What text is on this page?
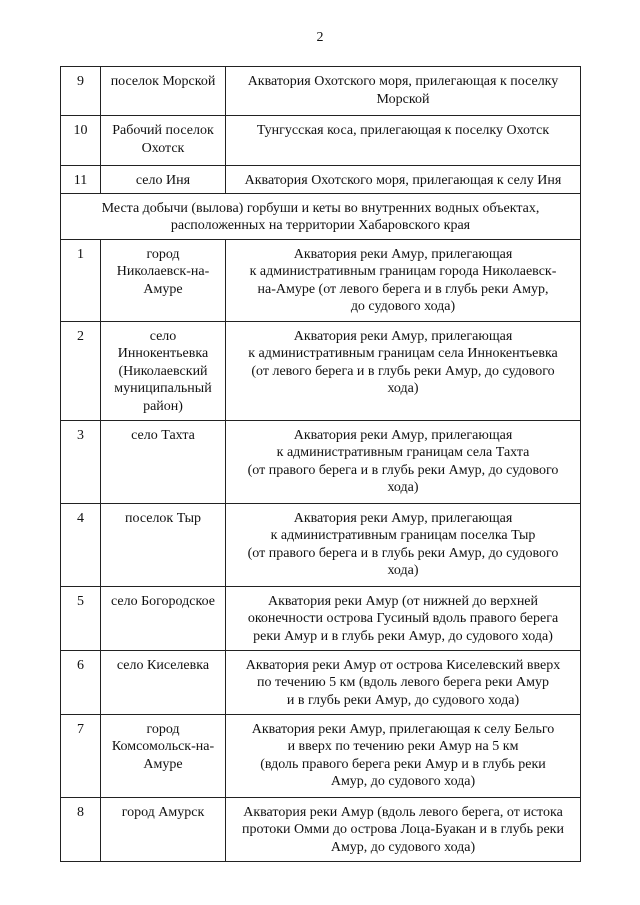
2
9	поселок Морской	Акватория Охотского моря, прилегающая к поселку
Морской
10	Рабочий поселок
Охотск	Тунгусская коса, прилегающая к поселку Охотск
11	село Иня	Акватория Охотского моря, прилегающая к селу Иня
Места добычи (вылова) горбуши и кеты во внутренних водных объектах,
расположенных на территории Хабаровского края		
1	город
Николаевск-на-
Амуре	Акватория реки Амур, прилегающая
к административным границам города Николаевск-
на-Амуре (от левого берега и в глубь реки Амур,
до судового хода)
2	село
Иннокентьевка
(Николаевский
муниципальный
район)	Акватория реки Амур, прилегающая
к административным границам села Иннокентьевка
(от левого берега и в глубь реки Амур, до судового
хода)
3	село Тахта	Акватория реки Амур, прилегающая
к административным границам села Тахта
(от правого берега и в глубь реки Амур, до судового
хода)
4	поселок Тыр	Акватория реки Амур, прилегающая
к административным границам поселка Тыр
(от правого берега и в глубь реки Амур, до судового
хода)
5	село Богородское	Акватория реки Амур (от нижней до верхней
оконечности острова Гусиный вдоль правого берега
реки Амур и в глубь реки Амур, до судового хода)
6	село Киселевка	Акватория реки Амур от острова Киселевский вверх
по течению 5 км (вдоль левого берега реки Амур
и в глубь реки Амур, до судового хода)
7	город
Комсомольск-на-
Амуре	Акватория реки Амур, прилегающая к селу Бельго
и вверх по течению реки Амур на 5 км
(вдоль правого берега реки Амур и в глубь реки
Амур, до судового хода)
8	город Амурск	Акватория реки Амур (вдоль левого берега, от истока
протоки Омми до острова Лоца-Буакан и в глубь реки
Амур, до судового хода)
